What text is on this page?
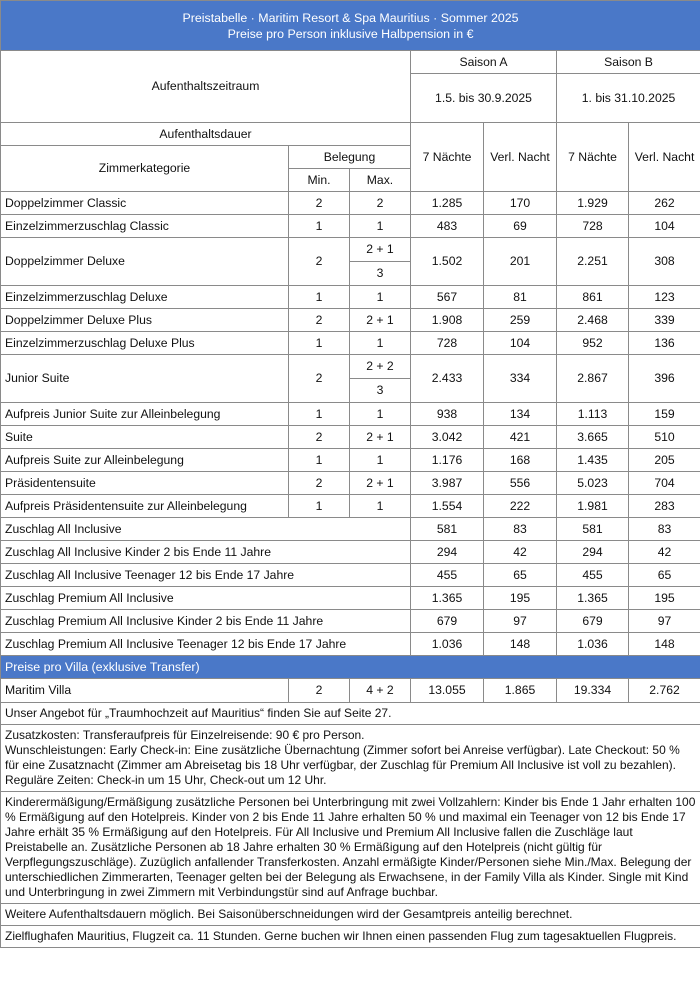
Preistabelle · Maritim Resort & Spa Mauritius · Sommer 2025
Preise pro Person inklusive Halbpension in €						

Aufenthaltszeitraum			Saison A		Saison B	
			1.5. bis 30.9.2025		1. bis 31.10.2025	
Aufenthaltsdauer			7 Nächte	Verl. Nacht	7 Nächte	Verl. Nacht
Zimmerkategorie	Belegung					
	Min.	Max.				
Doppelzimmer Classic	2	2	1.285	170	1.929	262
Einzelzimmerzuschlag Classic	1	1	483	69	728	104
Doppelzimmer Deluxe	2	2 + 1	1.502	201	2.251	308
		3				
Einzelzimmerzuschlag Deluxe	1	1	567	81	861	123
Doppelzimmer Deluxe Plus	2	2 + 1	1.908	259	2.468	339
Einzelzimmerzuschlag Deluxe Plus	1	1	728	104	952	136
Junior Suite	2	2 + 2	2.433	334	2.867	396
		3				
Aufpreis Junior Suite zur Alleinbelegung	1	1	938	134	1.113	159
Suite	2	2 + 1	3.042	421	3.665	510
Aufpreis Suite zur Alleinbelegung	1	1	1.176	168	1.435	205
Präsidentensuite	2	2 + 1	3.987	556	5.023	704
Aufpreis Präsidentensuite zur Alleinbelegung	1	1	1.554	222	1.981	283
Zuschlag All Inclusive			581	83	581	83
Zuschlag All Inclusive Kinder 2 bis Ende 11 Jahre			294	42	294	42
Zuschlag All Inclusive Teenager 12 bis Ende 17 Jahre			455	65	455	65
Zuschlag Premium All Inclusive			1.365	195	1.365	195
Zuschlag Premium All Inclusive Kinder 2 bis Ende 11 Jahre			679	97	679	97
Zuschlag Premium All Inclusive Teenager 12 bis Ende 17 Jahre			1.036	148	1.036	148
Preise pro Villa (exklusive Transfer)						
Maritim Villa	2	4 + 2	13.055	1.865	19.334	2.762
Unser Angebot für „Traumhochzeit auf Mauritius“ finden Sie auf Seite 27.						
Zusatzkosten: Transferaufpreis für Einzelreisende: 90 € pro Person.
Wunschleistungen: Early Check-in: Eine zusätzliche Übernachtung (Zimmer sofort bei Anreise verfügbar). Late Checkout: 50 % für eine Zusatznacht (Zimmer am Abreisetag bis 18 Uhr verfügbar, der Zuschlag für Premium All Inclusive ist voll zu bezahlen). Reguläre Zeiten: Check-in um 15 Uhr, Check-out um 12 Uhr.						
Kinderermäßigung/Ermäßigung zusätzliche Personen bei Unterbringung mit zwei Vollzahlern: Kinder bis Ende 1 Jahr erhalten 100 % Ermäßigung auf den Hotelpreis. Kinder von 2 bis Ende 11 Jahre erhalten 50 % und maximal ein Teenager von 12 bis Ende 17 Jahre erhält 35 % Ermäßigung auf den Hotelpreis. Für All Inclusive und Premium All Inclusive fallen die Zuschläge laut Preistabelle an. Zusätzliche Personen ab 18 Jahre erhalten 30 % Ermäßigung auf den Hotelpreis (nicht gültig für Verpflegungszuschläge). Zuzüglich anfallender Transferkosten. Anzahl ermäßigte Kinder/Personen siehe Min./Max. Belegung der unterschiedlichen Zimmerarten, Teenager gelten bei der Belegung als Erwachsene, in der Family Villa als Kinder. Single mit Kind und Unterbringung in zwei Zimmern mit Verbindungstür sind auf Anfrage buchbar.						
Weitere Aufenthaltsdauern möglich. Bei Saisonüberschneidungen wird der Gesamtpreis anteilig berechnet.						
Zielflughafen Mauritius, Flugzeit ca. 11 Stunden. Gerne buchen wir Ihnen einen passenden Flug zum tagesaktuellen Flugpreis.						
